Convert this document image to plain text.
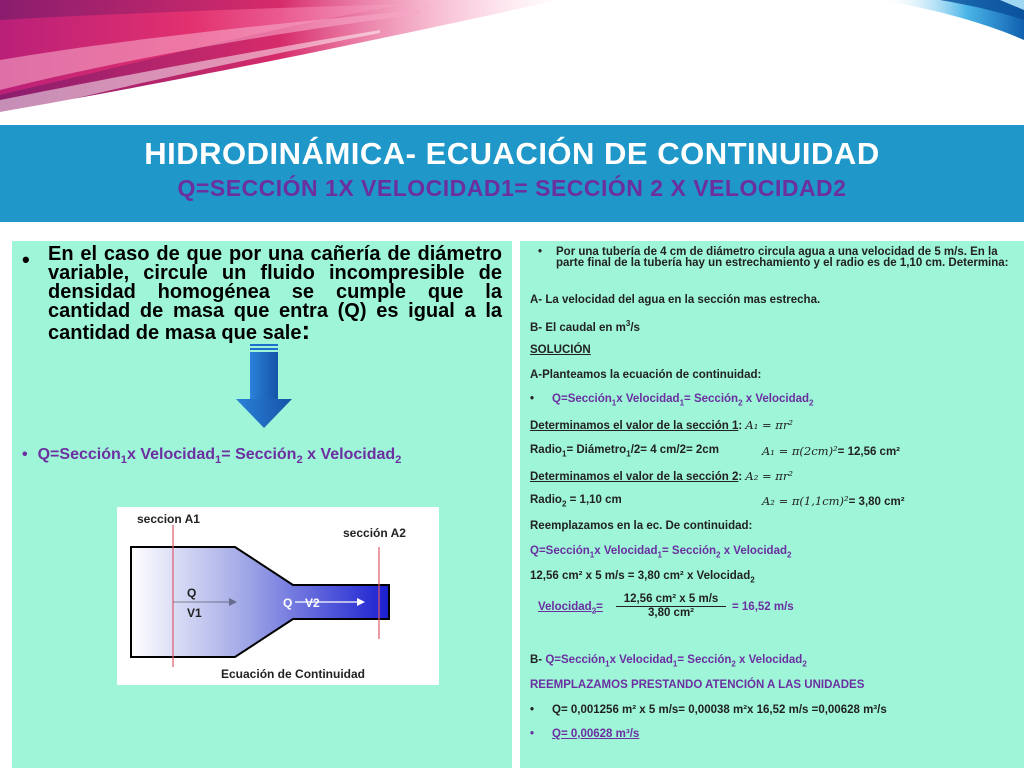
HIDRODINÁMICA- ECUACIÓN DE CONTINUIDAD
Q=SECCIÓN 1X VELOCIDAD1= SECCIÓN 2 X VELOCIDAD2
• En el caso de que por una cañería de diámetro variable, circule un fluido incompresible de densidad homogénea se cumple que la cantidad de masa que entra (Q) es igual a la cantidad de masa que sale:
• Q=Sección$_1$x Velocidad$_1$= Sección$_2$ x Velocidad$_2$
seccion A1
sección A2
Q
V1
Q V2
Ecuación de Continuidad
• Por una tubería de 4 cm de diámetro circula agua a una velocidad de 5 m/s. En la parte final de la tubería hay un estrechamiento y el radio es de 1,10 cm. Determina:
A- La velocidad del agua en la sección mas estrecha.
B- El caudal en $m^3/s$
SOLUCIÓN
A-Planteamos la ecuación de continuidad:
• Q=Sección$_1$x Velocidad$_1$= Sección$_2$ x Velocidad$_2$
Determinamos el valor de la sección 1: A₁ = πr²
Radio$_1$= Diámetro$_1$/2= 4 cm/2= 2cm	A₁ = π(2cm)²= 12,56 cm²
Determinamos el valor de la sección 2: A₂ = πr²
Radio$_2$ = 1,10 cm	A₂ = π(1,1cm)²= 3,80 cm²
Reemplazamos en la ec. De continuidad:
Q=Sección$_1$x Velocidad$_1$= Sección$_2$ x Velocidad$_2$
12,56 cm² x 5 m/s = 3,80 cm² x Velocidad$_2$
Velocidad$_2$= $\frac{\text{12,56 cm² x 5 m/s}}{\text{3,80 cm²}} = 16,52$ m/s
B- Q=Sección$_1$x Velocidad$_1$= Sección$_2$ x Velocidad$_2$
REEMPLAZAMOS PRESTANDO ATENCIÓN A LAS UNIDADES
• Q= 0,001256 m² x 5 m/s= 0,00038 m²x 16,52 m/s =0,00628 m³/s
• Q= 0,00628 m³/s
